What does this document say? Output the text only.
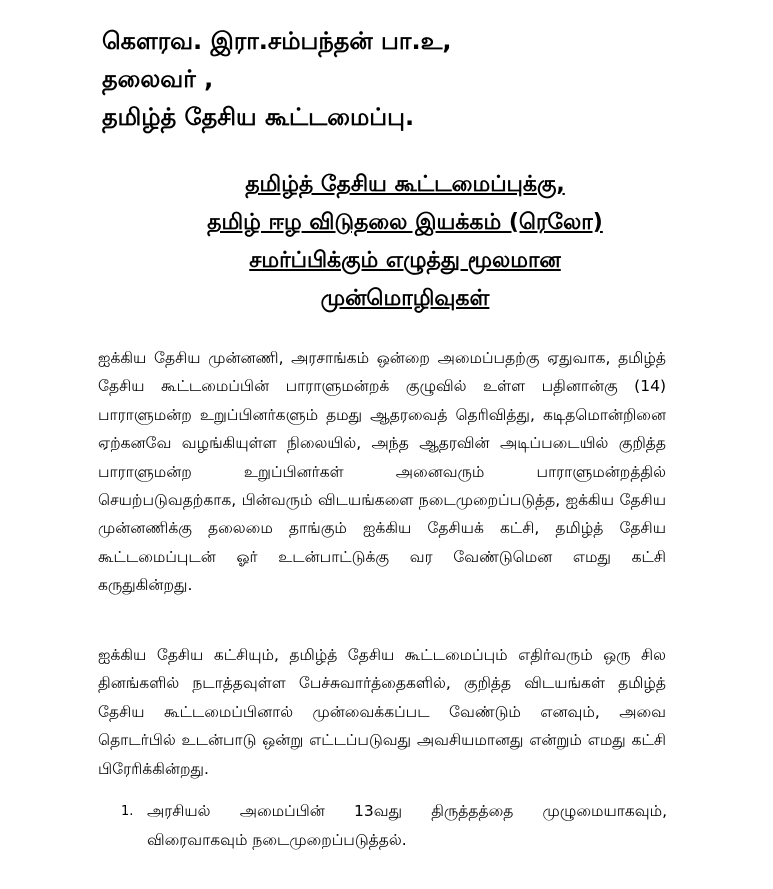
கௌரவ. இரா.சம்பந்தன் பா.உ,
தலைவர் ,
தமிழ்த் தேசிய கூட்டமைப்பு.
தமிழ்த் தேசிய கூட்டமைப்புக்கு,
தமிழ் ஈழ விடுதலை இயக்கம் (ரெலோ)
சமர்ப்பிக்கும் எழுத்து மூலமான
முன்மொழிவுகள்

ஐக்கிய தேசிய முன்னணி, அரசாங்கம் ஒன்றை அமைப்பதற்கு ஏதுவாக, தமிழ்த் தேசிய கூட்டமைப்பின் பாராளுமன்றக் குழுவில் உள்ள பதினான்கு (14) பாராளுமன்ற உறுப்பினர்களும் தமது ஆதரவைத் தெரிவித்து, கடிதமொன்றினை ஏற்கனவே வழங்கியுள்ள நிலையில், அந்த ஆதரவின் அடிப்படையில் குறித்த பாராளுமன்ற உறுப்பினர்கள் அனைவரும் பாராளுமன்றத்தில் செயற்படுவதற்காக, பின்வரும் விடயங்களை நடைமுறைப்படுத்த, ஐக்கிய தேசிய முன்னணிக்கு தலைமை தாங்கும் ஐக்கிய தேசியக் கட்சி, தமிழ்த் தேசிய கூட்டமைப்புடன் ஓர் உடன்பாட்டுக்கு வர வேண்டுமென எமது கட்சி கருதுகின்றது.

ஐக்கிய தேசிய கட்சியும், தமிழ்த் தேசிய கூட்டமைப்பும் எதிர்வரும் ஒரு சில தினங்களில் நடாத்தவுள்ள பேச்சுவார்த்தைகளில், குறித்த விடயங்கள் தமிழ்த் தேசிய கூட்டமைப்பினால் முன்வைக்கப்பட வேண்டும் எனவும், அவை தொடர்பில் உடன்பாடு ஒன்று எட்டப்படுவது அவசியமானது என்றும் எமது கட்சி பிரேரிக்கின்றது.

1. அரசியல் அமைப்பின் 13வது திருத்தத்தை முழுமையாகவும், விரைவாகவும் நடைமுறைப்படுத்தல்.
